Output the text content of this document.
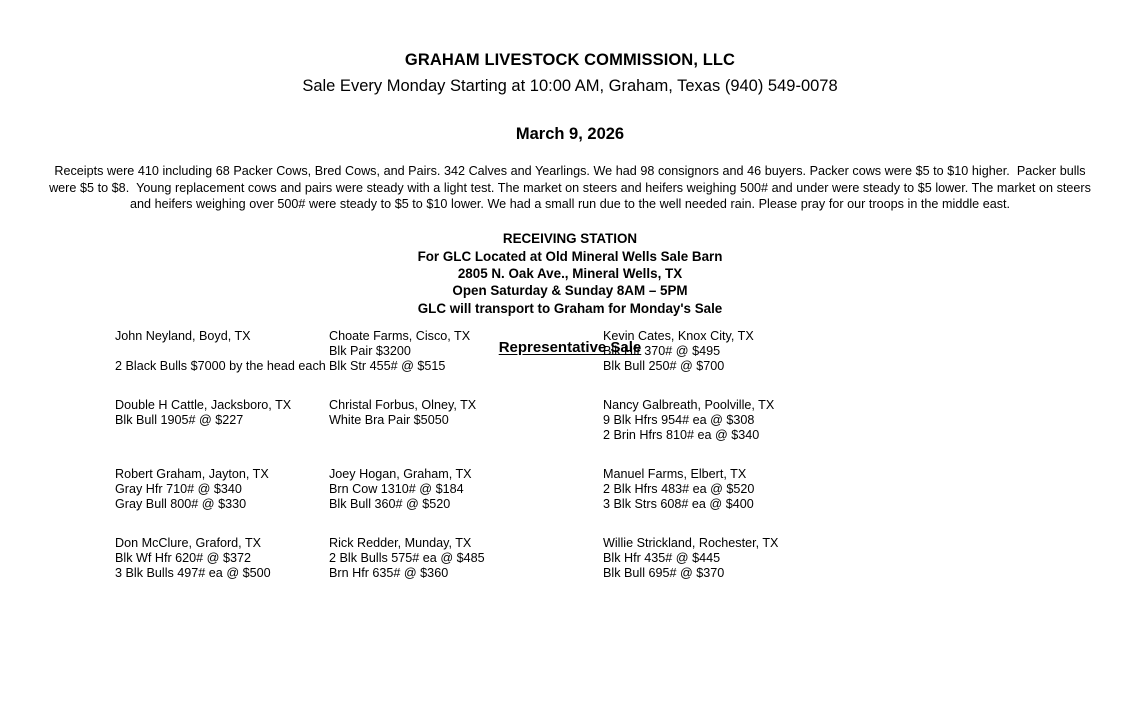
GRAHAM LIVESTOCK COMMISSION, LLC
Sale Every Monday Starting at 10:00 AM, Graham, Texas (940) 549-0078
March 9, 2026
Receipts were 410 including 68 Packer Cows, Bred Cows, and Pairs. 342 Calves and Yearlings. We had 98 consignors and 46 buyers. Packer cows were $5 to $10 higher.  Packer bulls
were $5 to $8.  Young replacement cows and pairs were steady with a light test. The market on steers and heifers weighing 500# and under were steady to $5 lower. The market on steers
and heifers weighing over 500# were steady to $5 to $10 lower. We had a small run due to the well needed rain. Please pray for our troops in the middle east.
RECEIVING STATION
For GLC Located at Old Mineral Wells Sale Barn
2805 N. Oak Ave., Mineral Wells, TX
Open Saturday & Sunday 8AM – 5PM
GLC will transport to Graham for Monday's Sale
Representative Sale
John Neyland, Boyd, TX
2 Black Bulls $7000 by the head each
Choate Farms, Cisco, TX
Blk Pair $3200
Blk Str 455# @ $515
Kevin Cates, Knox City, TX
Blk Hfr 370# @ $495
Blk Bull 250# @ $700
Double H Cattle, Jacksboro, TX
Blk Bull 1905# @ $227
Christal Forbus, Olney, TX
White Bra Pair $5050
Nancy Galbreath, Poolville, TX
9 Blk Hfrs 954# ea @ $308
2 Brin Hfrs 810# ea @ $340
Robert Graham, Jayton, TX
Gray Hfr 710# @ $340
Gray Bull 800# @ $330
Joey Hogan, Graham, TX
Brn Cow 1310# @ $184
Blk Bull 360# @ $520
Manuel Farms, Elbert, TX
2 Blk Hfrs 483# ea @ $520
3 Blk Strs 608# ea @ $400
Don McClure, Graford, TX
Blk Wf Hfr 620# @ $372
3 Blk Bulls 497# ea @ $500
Rick Redder, Munday, TX
2 Blk Bulls 575# ea @ $485
Brn Hfr 635# @ $360
Willie Strickland, Rochester, TX
Blk Hfr 435# @ $445
Blk Bull 695# @ $370
